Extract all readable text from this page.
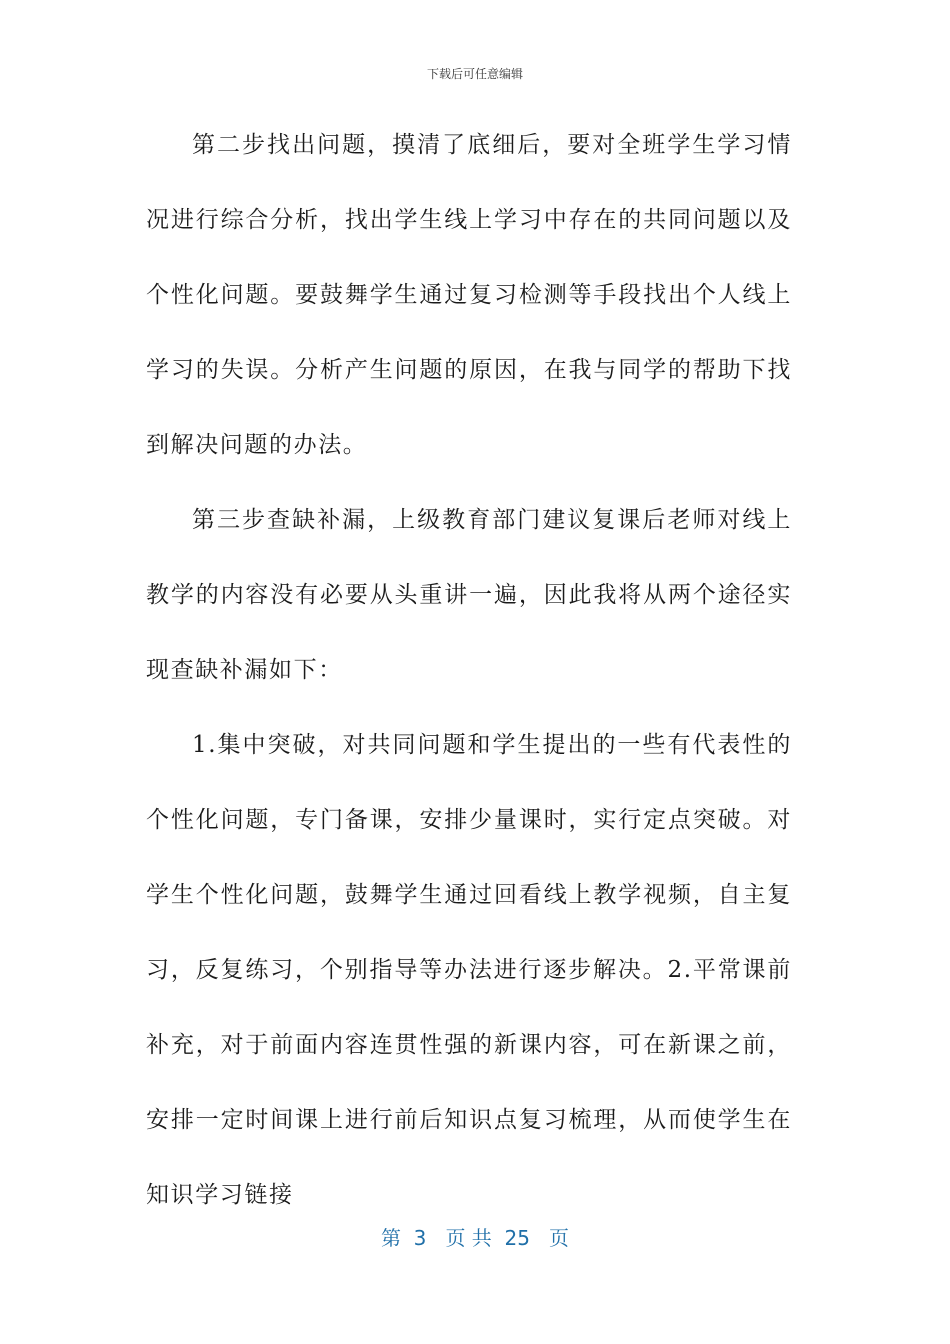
下载后可任意编辑

第二步找出问题，摸清了底细后，要对全班学生学习情况进行综合分析，找出学生线上学习中存在的共同问题以及个性化问题。要鼓舞学生通过复习检测等手段找出个人线上学习的失误。分析产生问题的原因，在我与同学的帮助下找到解决问题的办法。

第三步查缺补漏，上级教育部门建议复课后老师对线上教学的内容没有必要从头重讲一遍，因此我将从两个途径实现查缺补漏如下：

1.集中突破，对共同问题和学生提出的一些有代表性的个性化问题，专门备课，安排少量课时，实行定点突破。对学生个性化问题，鼓舞学生通过回看线上教学视频，自主复习，反复练习，个别指导等办法进行逐步解决。2.平常课前补充，对于前面内容连贯性强的新课内容，可在新课之前，安排一定时间课上进行前后知识点复习梳理，从而使学生在知识学习链接

第  3   页 共  25   页
